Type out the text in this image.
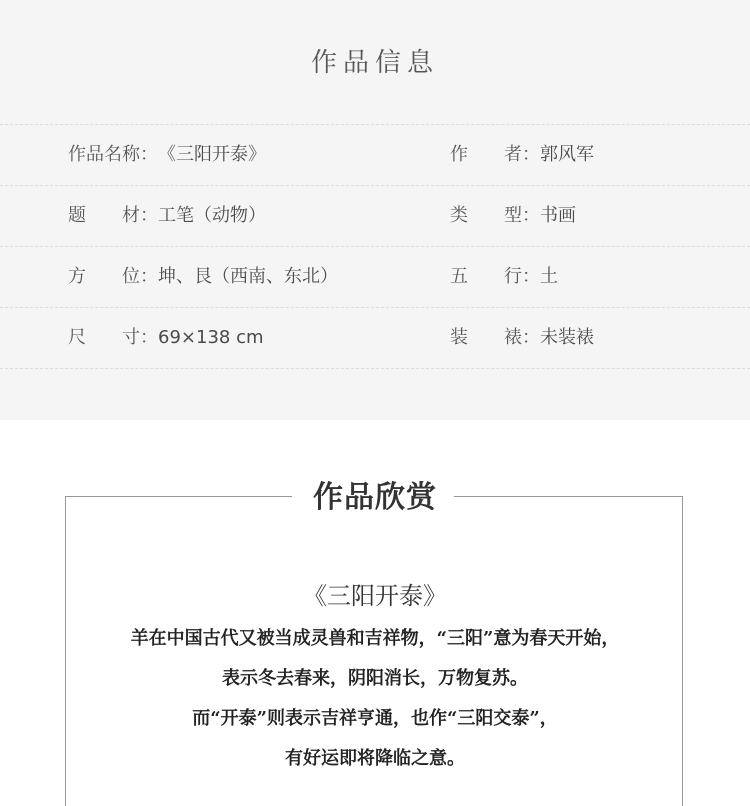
作品信息
作品名称：《三阳开泰》	作　　者：郭风军
题　　材：工笔（动物）	类　　型：书画
方　　位：坤、艮（西南、东北）	五　　行：土
尺　　寸：69×138 cm	装　　裱：未装裱
作品欣赏
《三阳开泰》
羊在中国古代又被当成灵兽和吉祥物，“三阳”意为春天开始，
表示冬去春来，阴阳消长，万物复苏。
而“开泰”则表示吉祥亨通，也作“三阳交泰”，
有好运即将降临之意。
